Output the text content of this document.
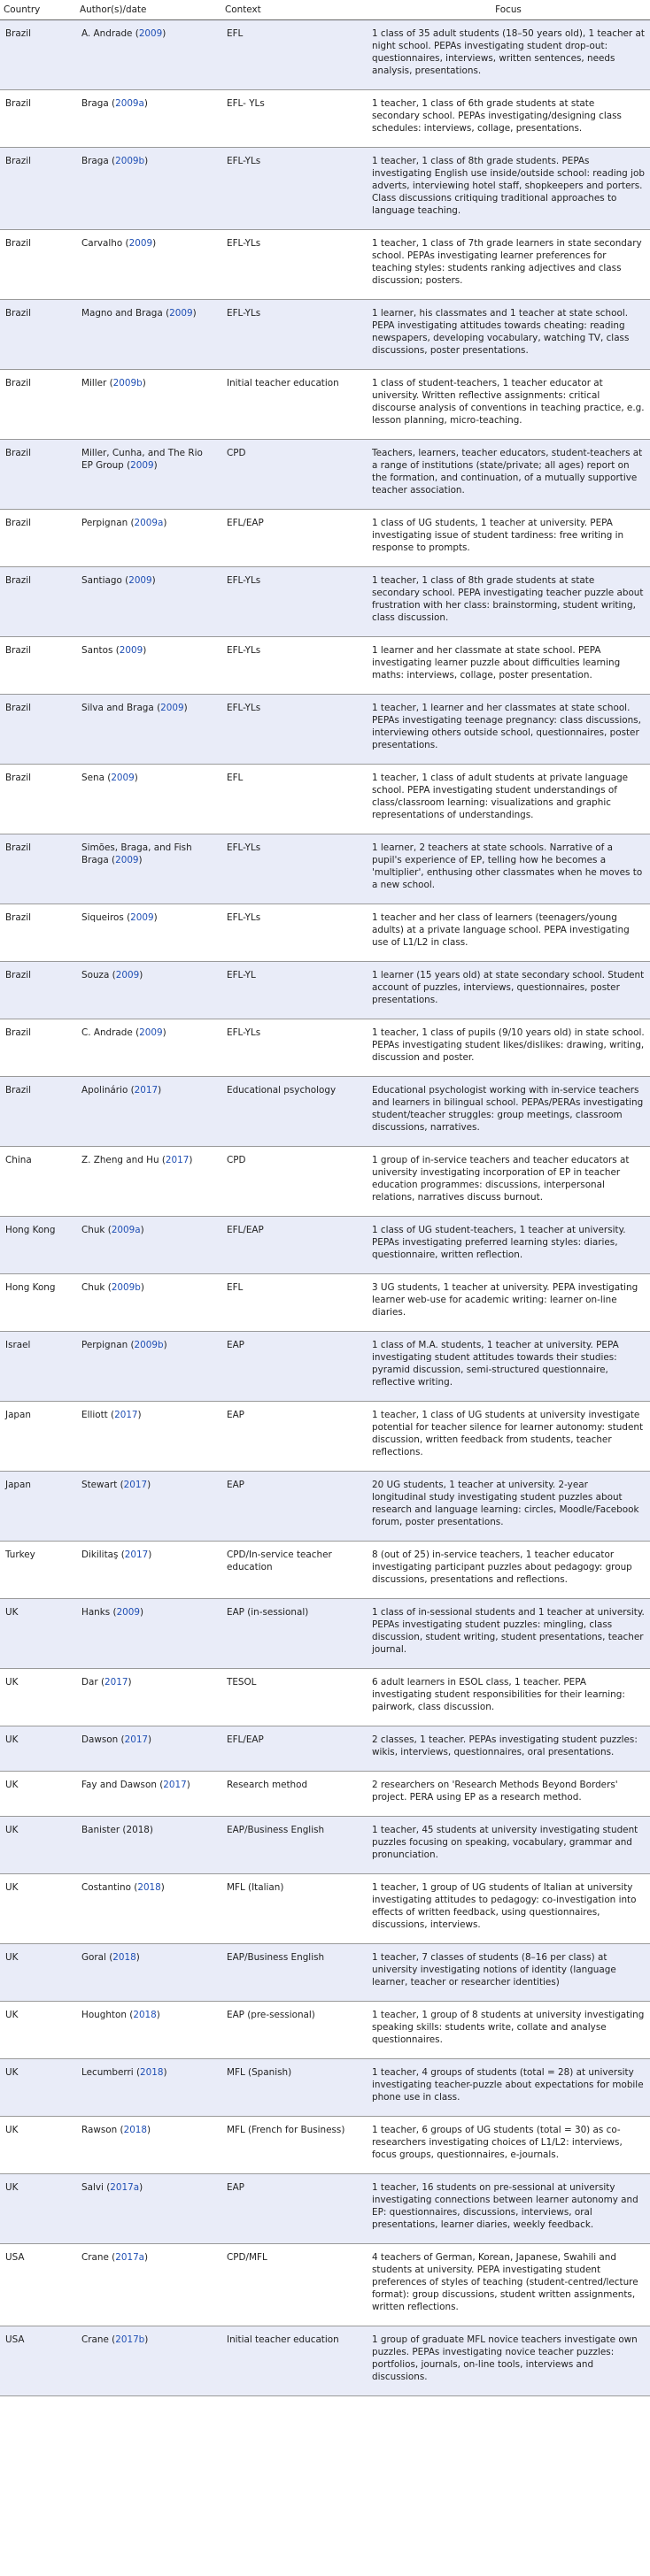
Country	Author(s)/date	Context	Focus
Brazil	A. Andrade (2009)	EFL	1 class of 35 adult students (18–50 years old), 1 teacher at night school. PEPAs investigating student drop-out: questionnaires, interviews, written sentences, needs analysis, presentations.
Brazil	Braga (2009a)	EFL- YLs	1 teacher, 1 class of 6th grade students at state secondary school. PEPAs investigating/designing class schedules: interviews, collage, presentations.
Brazil	Braga (2009b)	EFL-YLs	1 teacher, 1 class of 8th grade students. PEPAs investigating English use inside/outside school: reading job adverts, interviewing hotel staff, shopkeepers and porters. Class discussions critiquing traditional approaches to language teaching.
Brazil	Carvalho (2009)	EFL-YLs	1 teacher, 1 class of 7th grade learners in state secondary school. PEPAs investigating learner preferences for teaching styles: students ranking adjectives and class discussion; posters.
Brazil	Magno and Braga (2009)	EFL-YLs	1 learner, his classmates and 1 teacher at state school. PEPA investigating attitudes towards cheating: reading newspapers, developing vocabulary, watching TV, class discussions, poster presentations.
Brazil	Miller (2009b)	Initial teacher education	1 class of student-teachers, 1 teacher educator at university. Written reflective assignments: critical discourse analysis of conventions in teaching practice, e.g. lesson planning, micro-teaching.
Brazil	Miller, Cunha, and The Rio EP Group (2009)	CPD	Teachers, learners, teacher educators, student-teachers at a range of institutions (state/private; all ages) report on the formation, and continuation, of a mutually supportive teacher association.
Brazil	Perpignan (2009a)	EFL/EAP	1 class of UG students, 1 teacher at university. PEPA investigating issue of student tardiness: free writing in response to prompts.
Brazil	Santiago (2009)	EFL-YLs	1 teacher, 1 class of 8th grade students at state secondary school. PEPA investigating teacher puzzle about frustration with her class: brainstorming, student writing, class discussion.
Brazil	Santos (2009)	EFL-YLs	1 learner and her classmate at state school. PEPA investigating learner puzzle about difficulties learning maths: interviews, collage, poster presentation.
Brazil	Silva and Braga (2009)	EFL-YLs	1 teacher, 1 learner and her classmates at state school. PEPAs investigating teenage pregnancy: class discussions, interviewing others outside school, questionnaires, poster presentations.
Brazil	Sena (2009)	EFL	1 teacher, 1 class of adult students at private language school. PEPA investigating student understandings of class/classroom learning: visualizations and graphic representations of understandings.
Brazil	Simões, Braga, and Fish Braga (2009)	EFL-YLs	1 learner, 2 teachers at state schools. Narrative of a pupil's experience of EP, telling how he becomes a 'multiplier', enthusing other classmates when he moves to a new school.
Brazil	Siqueiros (2009)	EFL-YLs	1 teacher and her class of learners (teenagers/young adults) at a private language school. PEPA investigating use of L1/L2 in class.
Brazil	Souza (2009)	EFL-YL	1 learner (15 years old) at state secondary school. Student account of puzzles, interviews, questionnaires, poster presentations.
Brazil	C. Andrade (2009)	EFL-YLs	1 teacher, 1 class of pupils (9/10 years old) in state school. PEPAs investigating student likes/dislikes: drawing, writing, discussion and poster.
Brazil	Apolinário (2017)	Educational psychology	Educational psychologist working with in-service teachers and learners in bilingual school. PEPAs/PERAs investigating student/teacher struggles: group meetings, classroom discussions, narratives.
China	Z. Zheng and Hu (2017)	CPD	1 group of in-service teachers and teacher educators at university investigating incorporation of EP in teacher education programmes: discussions, interpersonal relations, narratives discuss burnout.
Hong Kong	Chuk (2009a)	EFL/EAP	1 class of UG student-teachers, 1 teacher at university. PEPAs investigating preferred learning styles: diaries, questionnaire, written reflection.
Hong Kong	Chuk (2009b)	EFL	3 UG students, 1 teacher at university. PEPA investigating learner web-use for academic writing: learner on-line diaries.
Israel	Perpignan (2009b)	EAP	1 class of M.A. students, 1 teacher at university. PEPA investigating student attitudes towards their studies: pyramid discussion, semi-structured questionnaire, reflective writing.
Japan	Elliott (2017)	EAP	1 teacher, 1 class of UG students at university investigate potential for teacher silence for learner autonomy: student discussion, written feedback from students, teacher reflections.
Japan	Stewart (2017)	EAP	20 UG students, 1 teacher at university. 2-year longitudinal study investigating student puzzles about research and language learning: circles, Moodle/Facebook forum, poster presentations.
Turkey	Dikilitaş (2017)	CPD/In-service teacher education	8 (out of 25) in-service teachers, 1 teacher educator investigating participant puzzles about pedagogy: group discussions, presentations and reflections.
UK	Hanks (2009)	EAP (in-sessional)	1 class of in-sessional students and 1 teacher at university. PEPAs investigating student puzzles: mingling, class discussion, student writing, student presentations, teacher journal.
UK	Dar (2017)	TESOL	6 adult learners in ESOL class, 1 teacher. PEPA investigating student responsibilities for their learning: pairwork, class discussion.
UK	Dawson (2017)	EFL/EAP	2 classes, 1 teacher. PEPAs investigating student puzzles: wikis, interviews, questionnaires, oral presentations.
UK	Fay and Dawson (2017)	Research method	2 researchers on 'Research Methods Beyond Borders' project. PERA using EP as a research method.
UK	Banister (2018)	EAP/Business English	1 teacher, 45 students at university investigating student puzzles focusing on speaking, vocabulary, grammar and pronunciation.
UK	Costantino (2018)	MFL (Italian)	1 teacher, 1 group of UG students of Italian at university investigating attitudes to pedagogy: co-investigation into effects of written feedback, using questionnaires, discussions, interviews.
UK	Goral (2018)	EAP/Business English	1 teacher, 7 classes of students (8–16 per class) at university investigating notions of identity (language learner, teacher or researcher identities)
UK	Houghton (2018)	EAP (pre-sessional)	1 teacher, 1 group of 8 students at university investigating speaking skills: students write, collate and analyse questionnaires.
UK	Lecumberri (2018)	MFL (Spanish)	1 teacher, 4 groups of students (total = 28) at university investigating teacher-puzzle about expectations for mobile phone use in class.
UK	Rawson (2018)	MFL (French for Business)	1 teacher, 6 groups of UG students (total = 30) as co-researchers investigating choices of L1/L2: interviews, focus groups, questionnaires, e-journals.
UK	Salvi (2017a)	EAP	1 teacher, 16 students on pre-sessional at university investigating connections between learner autonomy and EP: questionnaires, discussions, interviews, oral presentations, learner diaries, weekly feedback.
USA	Crane (2017a)	CPD/MFL	4 teachers of German, Korean, Japanese, Swahili and students at university. PEPA investigating student preferences of styles of teaching (student-centred/lecture format): group discussions, student written assignments, written reflections.
USA	Crane (2017b)	Initial teacher education	1 group of graduate MFL novice teachers investigate own puzzles. PEPAs investigating novice teacher puzzles: portfolios, journals, on-line tools, interviews and discussions.
